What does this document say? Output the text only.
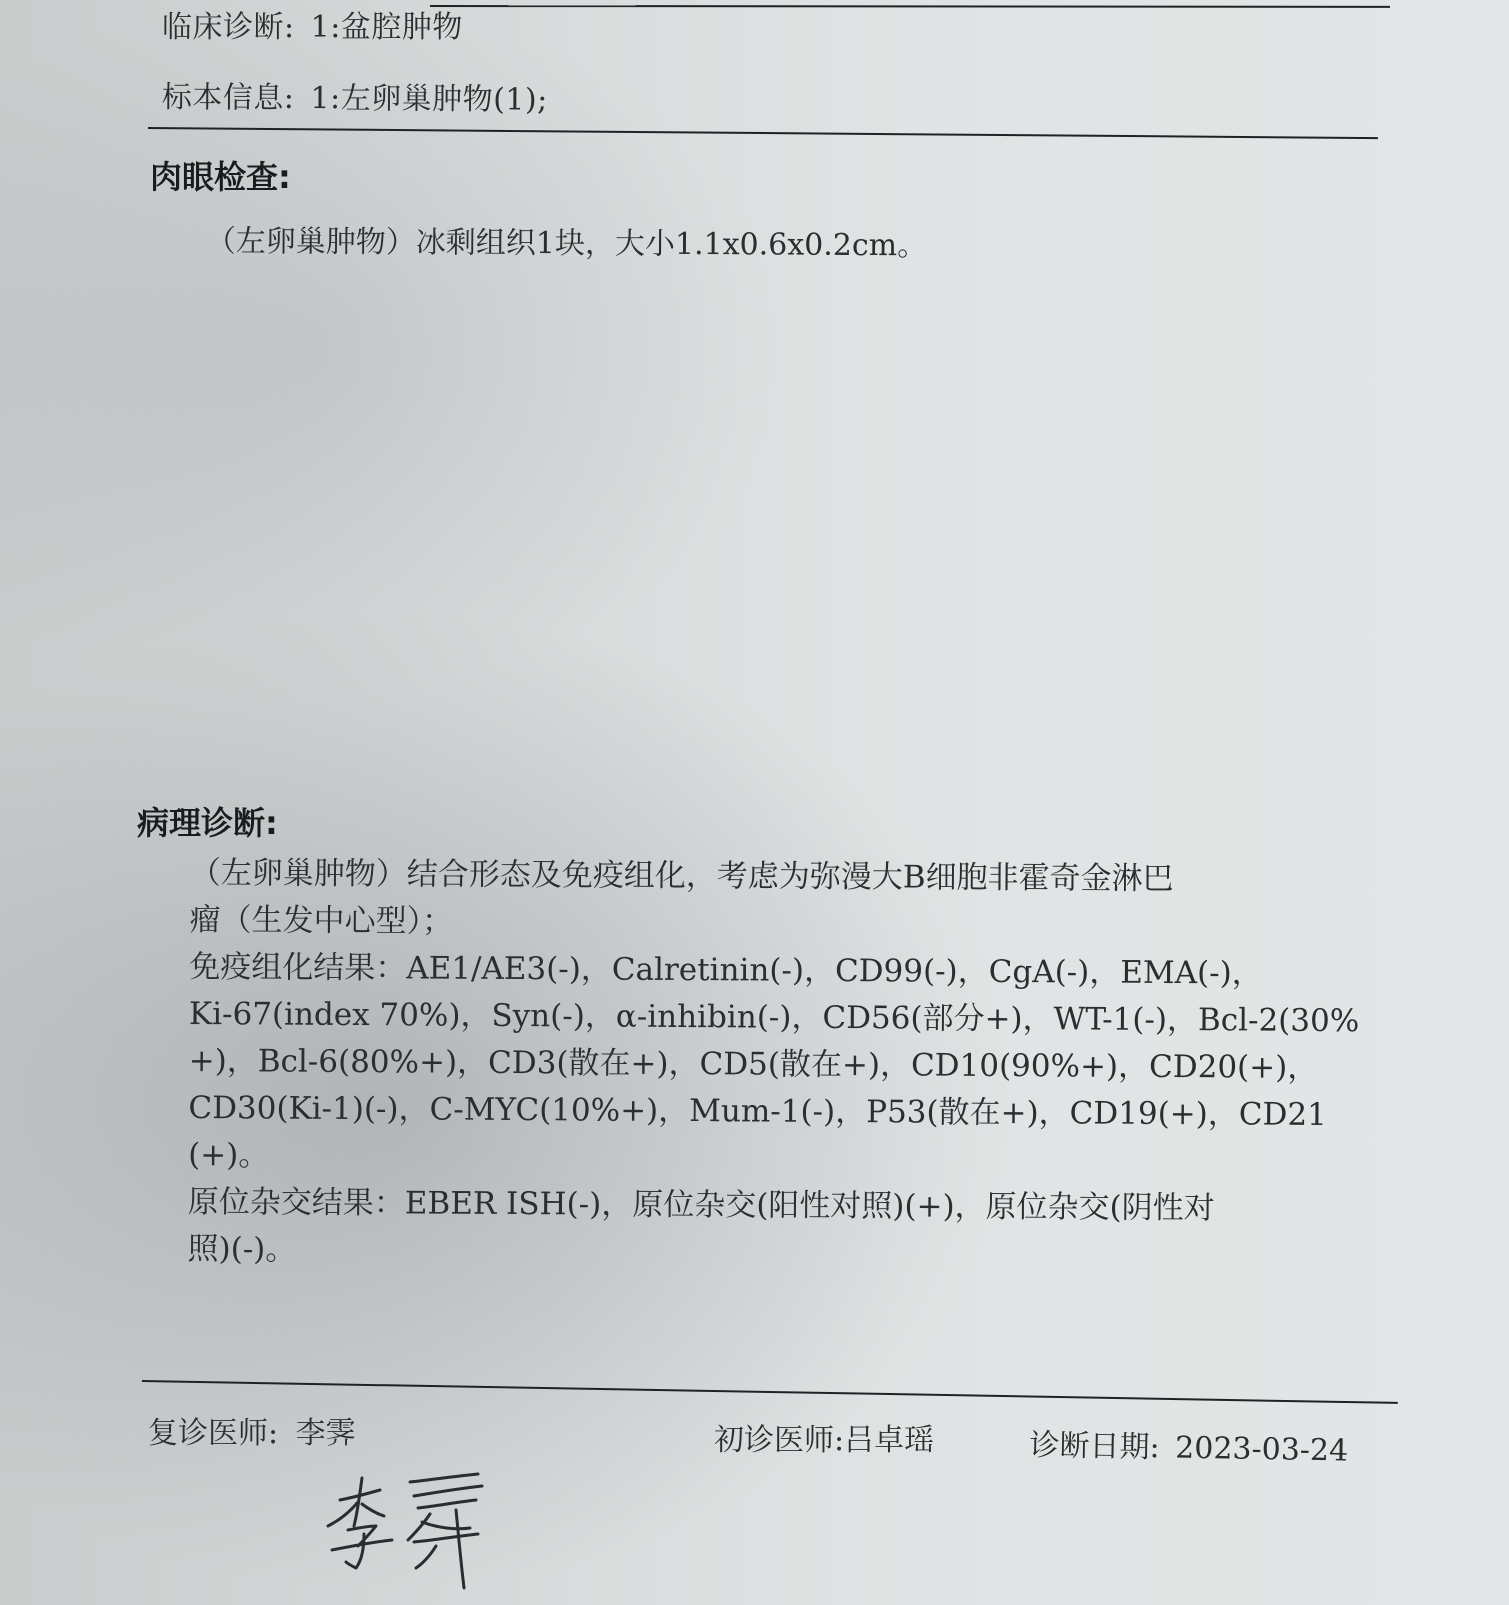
临床诊断: 1:盆腔肿物
标本信息: 1:左卵巢肿物(1);
肉眼检查:
（左卵巢肿物）冰剩组织1块，大小1.1x0.6x0.2cm。
病理诊断:
（左卵巢肿物）结合形态及免疫组化，考虑为弥漫大B细胞非霍奇金淋巴
瘤（生发中心型）；
免疫组化结果：AE1/AE3(-)，Calretinin(-)，CD99(-)，CgA(-)，EMA(-)，
Ki-67(index 70%)，Syn(-)，α-inhibin(-)，CD56(部分+)，WT-1(-)，Bcl-2(30%
+)，Bcl-6(80%+)，CD3(散在+)，CD5(散在+)，CD10(90%+)，CD20(+)，
CD30(Ki-1)(-)，C-MYC(10%+)，Mum-1(-)，P53(散在+)，CD19(+)，CD21
(+)。
原位杂交结果：EBER ISH(-)，原位杂交(阳性对照)(+)，原位杂交(阴性对
照)(-)。
复诊医师: 李霁	初诊医师:吕卓瑶	诊断日期: 2023-03-24
